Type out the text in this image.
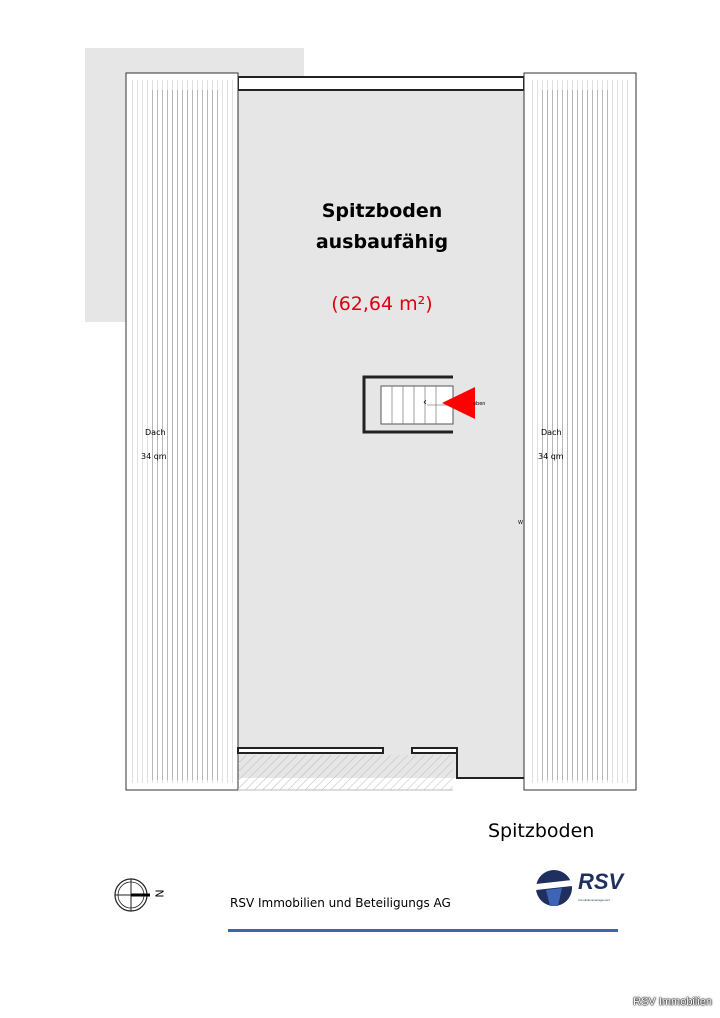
Spitzboden
ausbaufähig
(62,64 m²)
Dach
34 qm
Dach
34 qm
‹	oben
W
Spitzboden
N
RSV Immobilien und Beteiligungs AG
RSV
Immobilienmanagement
RSV Immobilien
